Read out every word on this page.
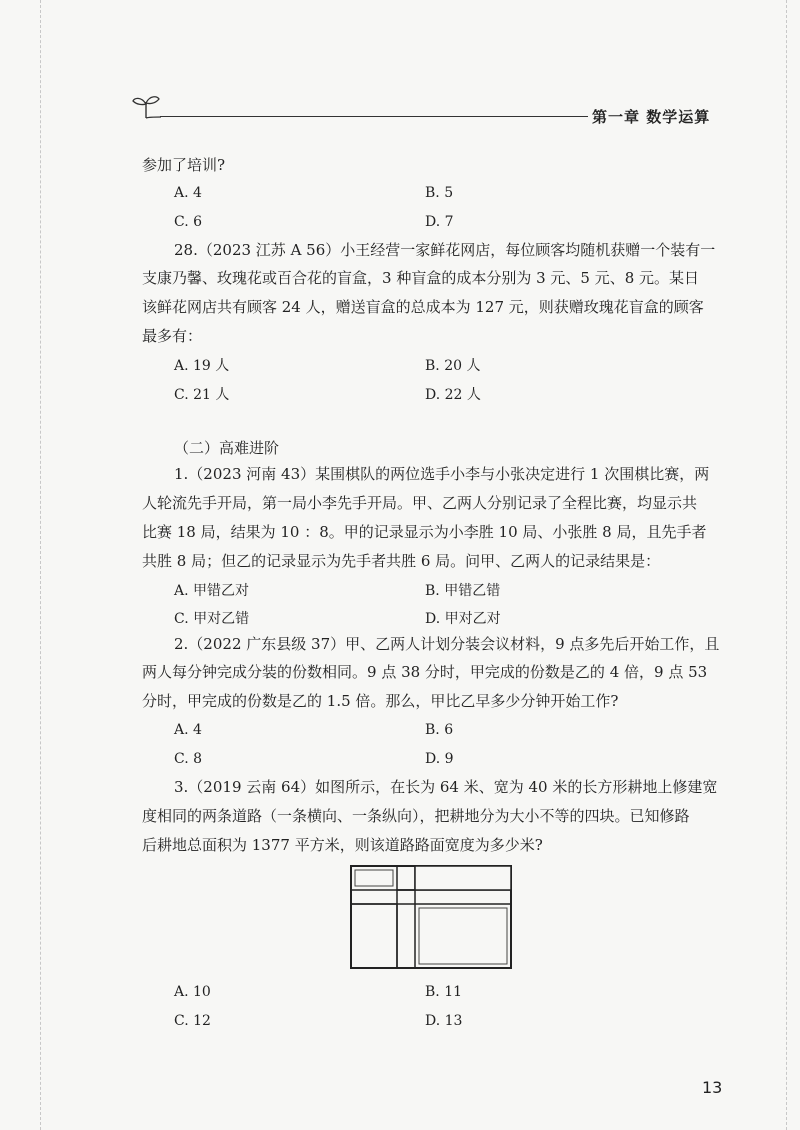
第一章 数学运算
参加了培训?
A. 4	B. 5
C. 6	D. 7
28.（2023 江苏 A 56）小王经营一家鲜花网店，每位顾客均随机获赠一个装有一
支康乃馨、玫瑰花或百合花的盲盒，3 种盲盒的成本分别为 3 元、5 元、8 元。某日
该鲜花网店共有顾客 24 人，赠送盲盒的总成本为 127 元，则获赠玫瑰花盲盒的顾客
最多有：
A. 19 人	B. 20 人
C. 21 人	D. 22 人
（二）高难进阶
1.（2023 河南 43）某围棋队的两位选手小李与小张决定进行 1 次围棋比赛，两
人轮流先手开局，第一局小李先手开局。甲、乙两人分别记录了全程比赛，均显示共
比赛 18 局，结果为 10 ：8。甲的记录显示为小李胜 10 局、小张胜 8 局，且先手者
共胜 8 局；但乙的记录显示为先手者共胜 6 局。问甲、乙两人的记录结果是：
A. 甲错乙对	B. 甲错乙错
C. 甲对乙错	D. 甲对乙对
2.（2022 广东县级 37）甲、乙两人计划分装会议材料，9 点多先后开始工作，且
两人每分钟完成分装的份数相同。9 点 38 分时，甲完成的份数是乙的 4 倍，9 点 53
分时，甲完成的份数是乙的 1.5 倍。那么，甲比乙早多少分钟开始工作?
A. 4	B. 6
C. 8	D. 9
3.（2019 云南 64）如图所示，在长为 64 米、宽为 40 米的长方形耕地上修建宽
度相同的两条道路（一条横向、一条纵向），把耕地分为大小不等的四块。已知修路
后耕地总面积为 1377 平方米，则该道路路面宽度为多少米?
A. 10	B. 11
C. 12	D. 13
13
